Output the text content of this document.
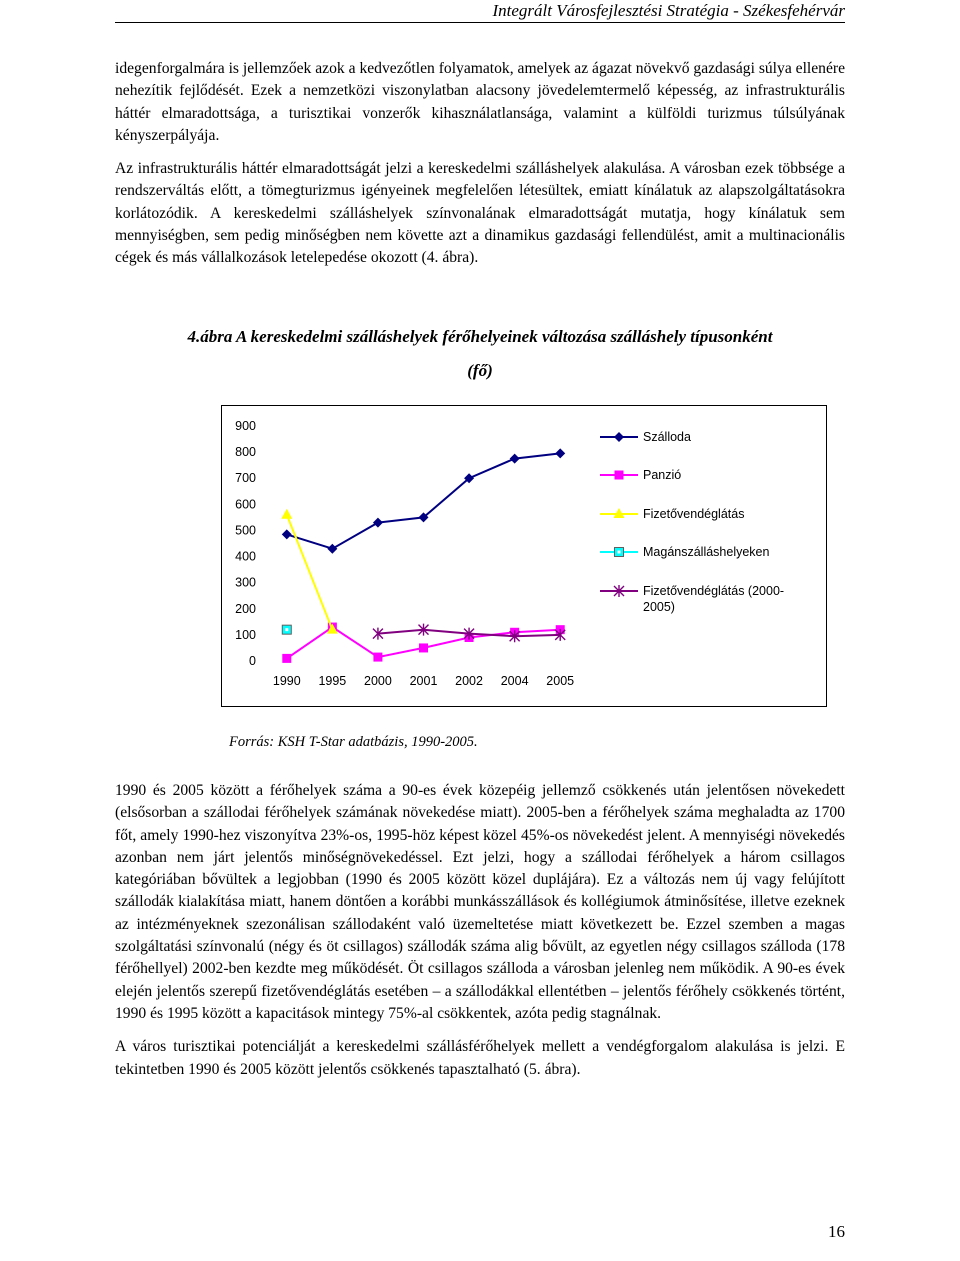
Integrált Városfejlesztési Stratégia - Székesfehérvár

idegenforgalmára is jellemzőek azok a kedvezőtlen folyamatok, amelyek az ágazat növekvő gazdasági súlya ellenére nehezítik fejlődését. Ezek a nemzetközi viszonylatban alacsony jövedelemtermelő képesség, az infrastrukturális háttér elmaradottsága, a turisztikai vonzerők kihasználatlansága, valamint a külföldi turizmus túlsúlyának kényszerpályája.

Az infrastrukturális háttér elmaradottságát jelzi a kereskedelmi szálláshelyek alakulása. A városban ezek többsége a rendszerváltás előtt, a tömegturizmus igényeinek megfelelően létesültek, emiatt kínálatuk az alapszolgáltatásokra korlátozódik. A kereskedelmi szálláshelyek színvonalának elmaradottságát mutatja, hogy kínálatuk sem mennyiségben, sem pedig minőségben nem követte azt a dinamikus gazdasági fellendülést, amit a multinacionális cégek és más vállalkozások letelepedése okozott (4. ábra).

4.ábra A kereskedelmi szálláshelyek férőhelyeinek változása szálláshely típusonként
(fő)
0
100
200
300
400
500
600
700
800
900
1990 1995 2000 2001 2002 2004 2005
Szálloda
Panzió
Fizetővendéglátás
Magánszálláshelyeken
Fizetővendéglátás (2000-
2005)
Forrás: KSH T-Star adatbázis, 1990-2005.

1990 és 2005 között a férőhelyek száma a 90-es évek közepéig jellemző csökkenés után jelentősen növekedett (elsősorban a szállodai férőhelyek számának növekedése miatt). 2005-ben a férőhelyek száma meghaladta az 1700 főt, amely 1990-hez viszonyítva 23%-os, 1995-höz képest közel 45%-os növekedést jelent. A mennyiségi növekedés azonban nem járt jelentős minőségnövekedéssel. Ezt jelzi, hogy a szállodai férőhelyek a három csillagos kategóriában bővültek a legjobban (1990 és 2005 között közel duplájára). Ez a változás nem új vagy felújított szállodák kialakítása miatt, hanem döntően a korábbi munkásszállások és kollégiumok átminősítése, illetve ezeknek az intézményeknek szezonálisan szállodaként való üzemeltetése miatt következett be. Ezzel szemben a magas szolgáltatási színvonalú (négy és öt csillagos) szállodák száma alig bővült, az egyetlen négy csillagos szálloda (178 férőhellyel) 2002-ben kezdte meg működését. Öt csillagos szálloda a városban jelenleg nem működik. A 90-es évek elején jelentős szerepű fizetővendéglátás esetében – a szállodákkal ellentétben – jelentős férőhely csökkenés történt, 1990 és 1995 között a kapacitások mintegy 75%-al csökkentek, azóta pedig stagnálnak.

A város turisztikai potenciálját a kereskedelmi szállásférőhelyek mellett a vendégforgalom alakulása is jelzi. E tekintetben 1990 és 2005 között jelentős csökkenés tapasztalható (5. ábra).

16
